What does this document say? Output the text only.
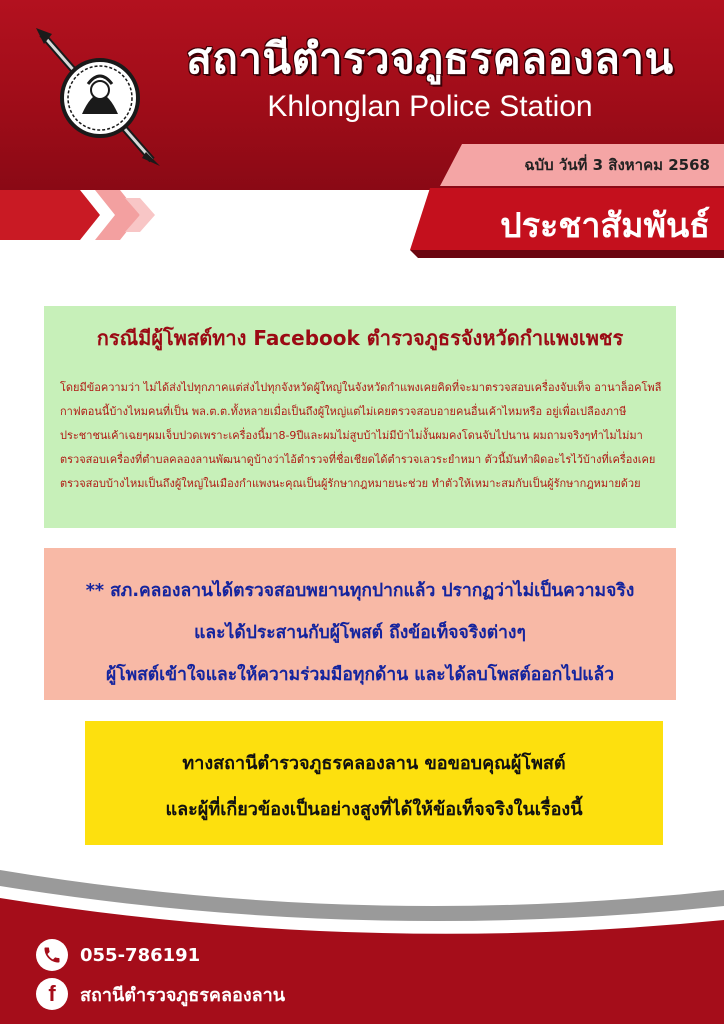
ฉบับ วันที่ 3 สิงหาคม 2568
ประชาสัมพันธ์
สถานีตำรวจภูธรคลองลาน
Khlonglan Police Station
กรณีมีผู้โพสต์ทาง Facebook ตำรวจภูธรจังหวัดกำแพงเพชร
โดยมีข้อความว่า ไม่ได้ส่งไปทุกภาคแต่ส่งไปทุกจังหวัดผู้ใหญ่ในจังหวัดกำแพงเคยคิดที่จะมาตรวจสอบเครื่องจับเท็จ อานาล็อคโพลีกาฟตอนนี้บ้างไหมคนที่เป็น พล.ต.ต.ทั้งหลายเมื่อเป็นถึงผู้ใหญ่แต่ไม่เคยตรวจสอบอายคนอื่นเค้าไหมหรือ อยู่เพื่อเปลืองภาษีประชาชนเค้าเฉยๆผมเจ็บปวดเพราะเครื่องนี้มา8-9ปีและผมไม่สูบบ้าไม่มีบ้าไม่งั้นผมคงโดนจับไปนาน ผมถามจริงๆทำไมไม่มาตรวจสอบเครื่องที่ตำบลคลองลานพัฒนาดูบ้างว่าไอ้ตำรวจที่ชื่อเชียดได้ตำรวจเลวระยำหมา ตัวนี้มันทำผิดอะไรไว้บ้างที่เครื่องเคยตรวจสอบบ้างไหมเป็นถึงผู้ใหญ่ในเมืองกำแพงนะคุณเป็นผู้รักษากฎหมายนะช่วย ทำตัวให้เหมาะสมกับเป็นผู้รักษากฎหมายด้วย
** สภ.คลองลานได้ตรวจสอบพยานทุกปากแล้ว ปรากฏว่าไม่เป็นความจริง
และได้ประสานกับผู้โพสต์ ถึงข้อเท็จจริงต่างๆ
ผู้โพสต์เข้าใจและให้ความร่วมมือทุกด้าน และได้ลบโพสต์ออกไปแล้ว
ทางสถานีตำรวจภูธรคลองลาน ขอขอบคุณผู้โพสต์
และผู้ที่เกี่ยวข้องเป็นอย่างสูงที่ได้ให้ข้อเท็จจริงในเรื่องนี้
055-786191
f สถานีตำรวจภูธรคลองลาน
